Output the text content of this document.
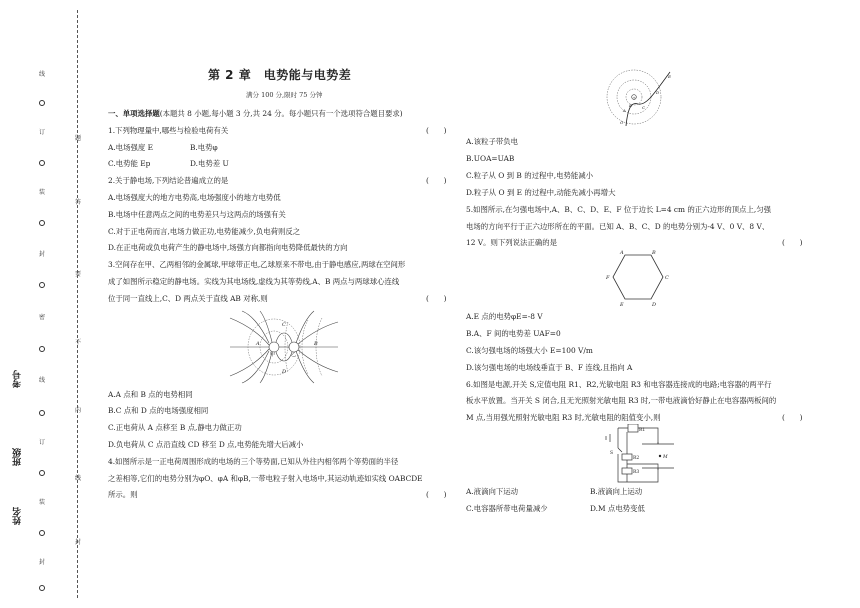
线
订
装
封
密
线
订
装
封
题
答
要
不
内
线
封
考号
班级
姓名
第 2 章　电势能与电势差
满分 100 分,限时 75 分钟
一、单项选择题(本题共 8 小题,每小题 3 分,共 24 分。每小题只有一个选项符合题目要求)
1.下列物理量中,哪些与检验电荷有关	(　　)
A.电场强度 E	B.电势φ
C.电势能 Ep	D.电势差 U
2.关于静电场,下列结论普遍成立的是	(　　)
A.电场强度大的地方电势高,电场强度小的地方电势低
B.电场中任意两点之间的电势差只与这两点的场强有关
C.对于正电荷而言,电场力做正功,电势能减少,负电荷则反之
D.在正电荷或负电荷产生的静电场中,场强方向都指向电势降低最快的方向
3.空间存在甲、乙两相邻的金属球,甲球带正电,乙球原来不带电,由于静电感应,两球在空间形
成了如图所示稳定的静电场。实线为其电场线,虚线为其等势线,A、B 两点与两球球心连线
位于同一直线上,C、D 两点关于直线 AB 对称,则	(　　)
甲	乙
A	B
C
D
A.A 点和 B 点的电势相同
B.C 点和 D 点的电场强度相同
C.正电荷从 A 点移至 B 点,静电力做正功
D.负电荷从 C 点沿直线 CD 移至 D 点,电势能先增大后减小
4.如图所示是一正电荷周围形成的电场的三个等势面,已知从外往内相邻两个等势面的半径
之差相等,它们的电势分别为φO、φA 和φB,一带电粒子射入电场中,其运动轨迹如实线 OABCDE
所示。则	(　　)
+
O
A
B	C
D
E
A.该粒子带负电
B.UOA=UAB
C.粒子从 O 到 B 的过程中,电势能减小
D.粒子从 O 到 E 的过程中,动能先减小再增大
5.如图所示,在匀强电场中,A、B、C、D、E、F 位于边长 L=4 cm 的正六边形的顶点上,匀强
电场的方向平行于正六边形所在的平面。已知 A、B、C、D 的电势分别为-4 V、0 V、8 V、
12 V。则下列说法正确的是	(　　)
A	B
C
D
E
F
A.E 点的电势φE=-8 V
B.A、F 间的电势差 UAF=0
C.该匀强电场的场强大小 E=100 V/m
D.该匀强电场的电场线垂直于 B、F 连线,且指向 A
6.如图是电源,开关 S,定值电阻 R1、R2,光敏电阻 R3 和电容器连接成的电路;电容器的两平行
板水平放置。当开关 S 闭合,且无光照射光敏电阻 R3 时,一带电液滴恰好静止在电容器两板间的
M 点,当用强光照射光敏电阻 R3 时,光敏电阻的阻值变小,则	(　　)
S
R1
R2
R3
M
A.液滴向下运动	B.液滴向上运动
C.电容器所带电荷量减少	D.M 点电势变低
